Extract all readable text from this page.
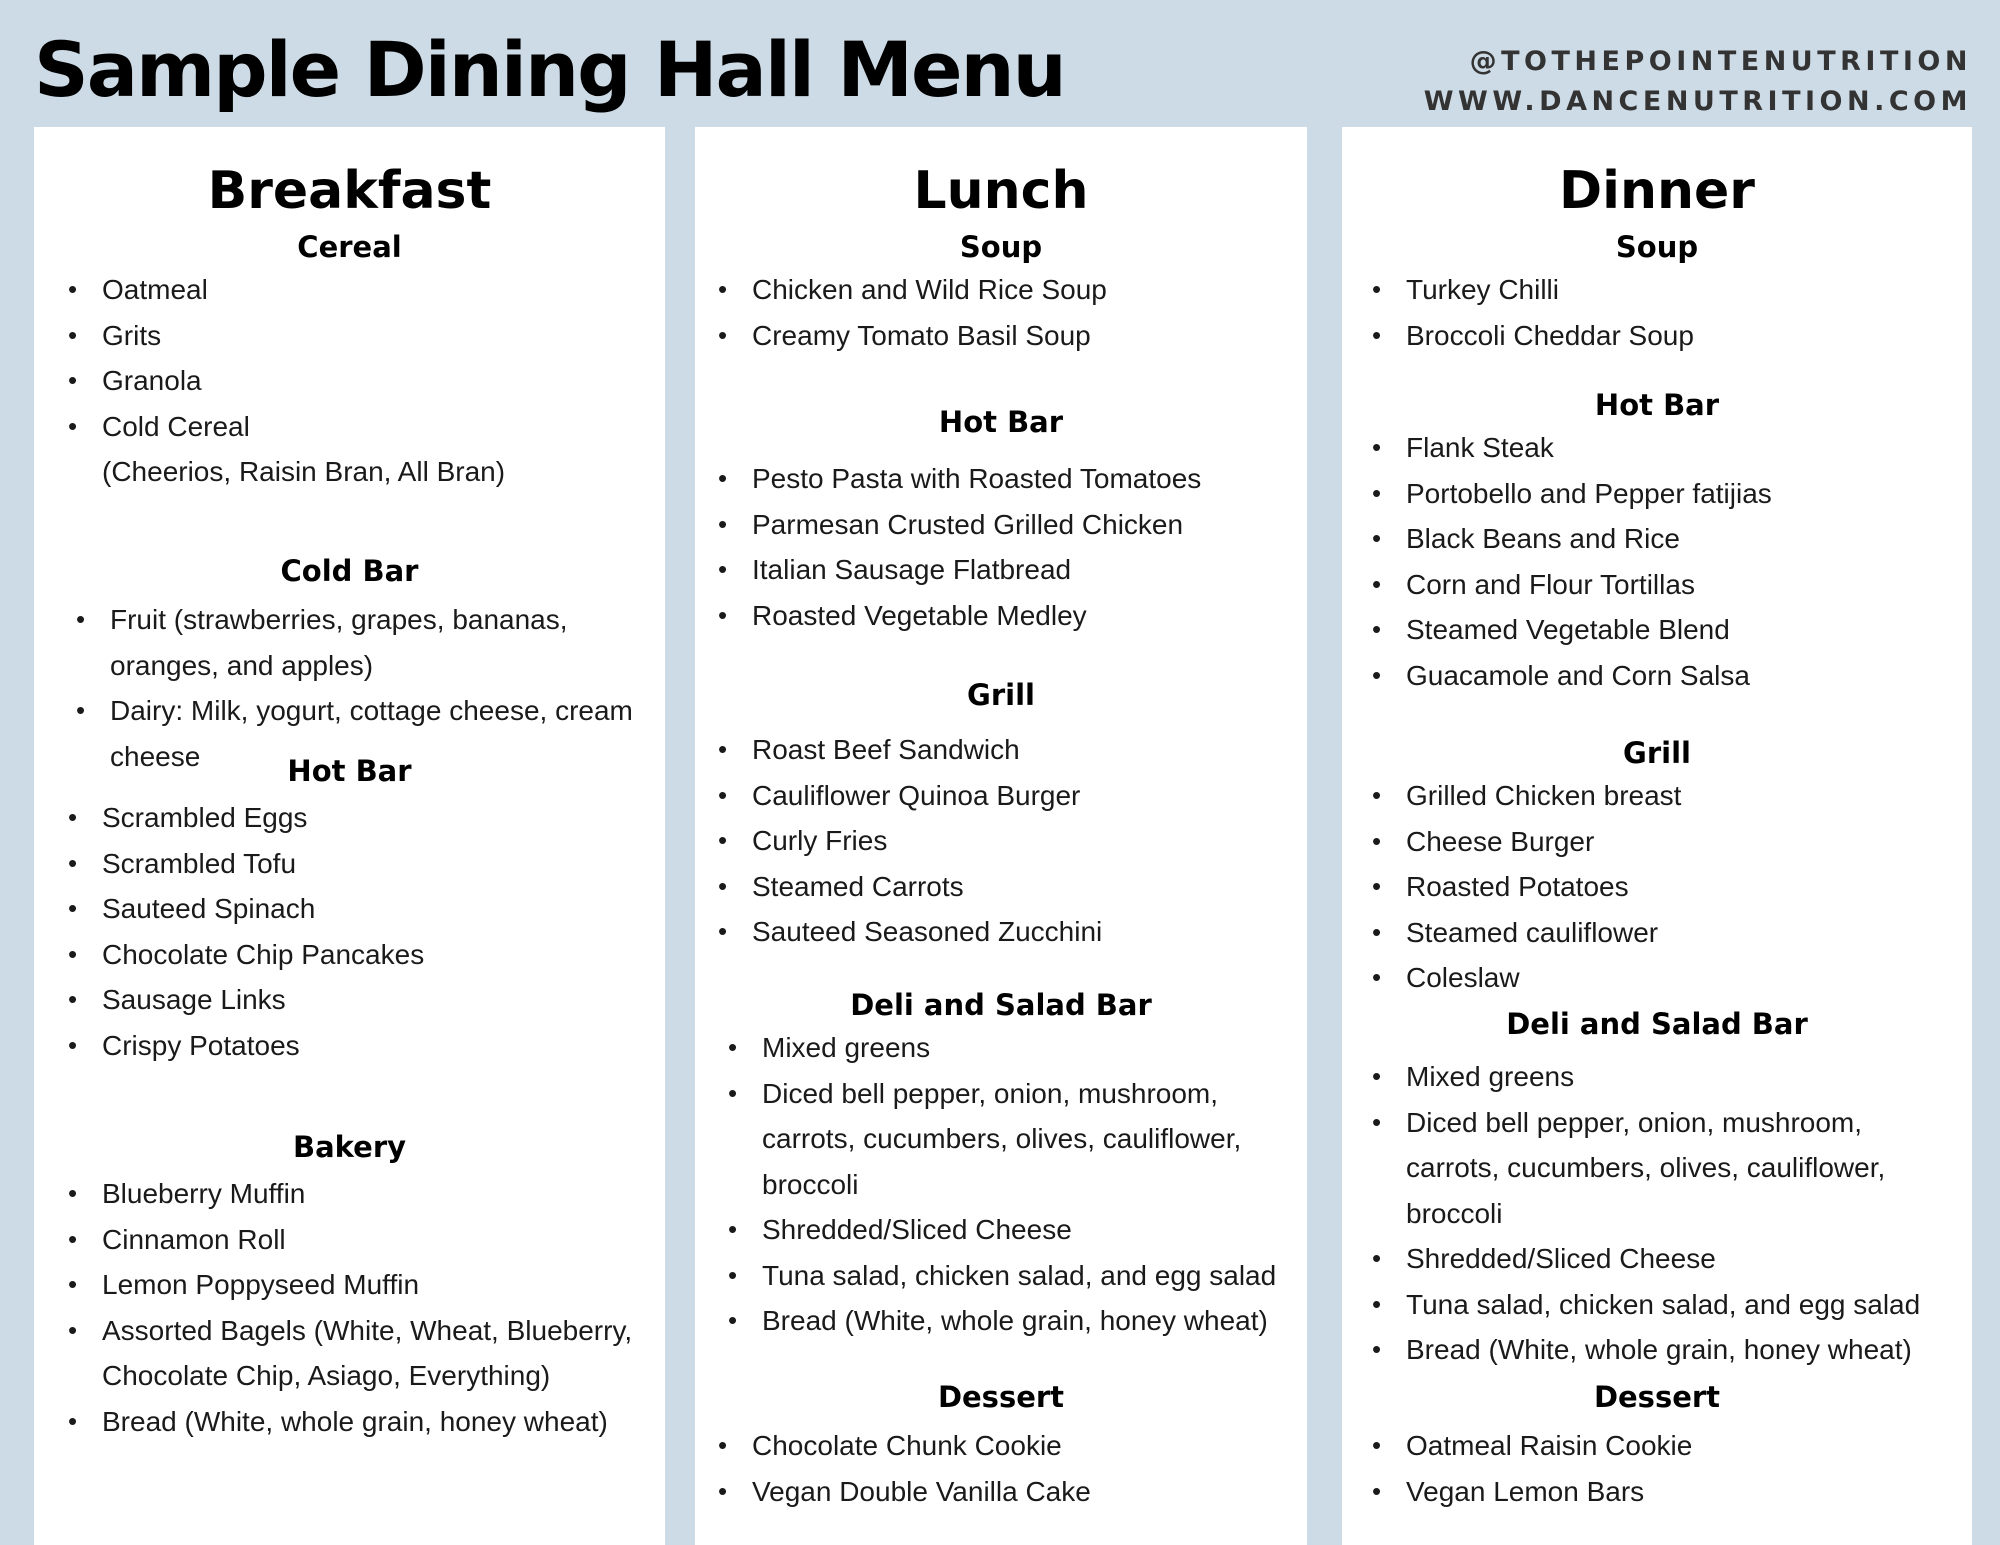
Sample Dining Hall Menu	@TOTHEPOINTENUTRITION
WWW.DANCENUTRITION.COM
Breakfast
Cereal
• Oatmeal
• Grits
• Granola
• Cold Cereal
(Cheerios, Raisin Bran, All Bran)
Cold Bar
• Fruit (strawberries, grapes, bananas,
oranges, and apples)
• Dairy: Milk, yogurt, cottage cheese, cream
cheese	Hot Bar
• Scrambled Eggs
• Scrambled Tofu
• Sauteed Spinach
• Chocolate Chip Pancakes
• Sausage Links
• Crispy Potatoes
Bakery
• Blueberry Muffin
• Cinnamon Roll
• Lemon Poppyseed Muffin
• Assorted Bagels (White, Wheat, Blueberry,
Chocolate Chip, Asiago, Everything)
• Bread (White, whole grain, honey wheat)
Lunch
Soup
• Chicken and Wild Rice Soup
• Creamy Tomato Basil Soup
Hot Bar
• Pesto Pasta with Roasted Tomatoes
• Parmesan Crusted Grilled Chicken
• Italian Sausage Flatbread
• Roasted Vegetable Medley
Grill
• Roast Beef Sandwich
• Cauliflower Quinoa Burger
• Curly Fries
• Steamed Carrots
• Sauteed Seasoned Zucchini
Deli and Salad Bar
• Mixed greens
• Diced bell pepper, onion, mushroom,
carrots, cucumbers, olives, cauliflower,
broccoli
• Shredded/Sliced Cheese
• Tuna salad, chicken salad, and egg salad
• Bread (White, whole grain, honey wheat)
Dessert
• Chocolate Chunk Cookie
• Vegan Double Vanilla Cake
Dinner
Soup
• Turkey Chilli
• Broccoli Cheddar Soup
Hot Bar
• Flank Steak
• Portobello and Pepper fatijias
• Black Beans and Rice
• Corn and Flour Tortillas
• Steamed Vegetable Blend
• Guacamole and Corn Salsa
Grill
• Grilled Chicken breast
• Cheese Burger
• Roasted Potatoes
• Steamed cauliflower
• Coleslaw
Deli and Salad Bar
• Mixed greens
• Diced bell pepper, onion, mushroom,
carrots, cucumbers, olives, cauliflower,
broccoli
• Shredded/Sliced Cheese
• Tuna salad, chicken salad, and egg salad
• Bread (White, whole grain, honey wheat)
Dessert
• Oatmeal Raisin Cookie
• Vegan Lemon Bars
